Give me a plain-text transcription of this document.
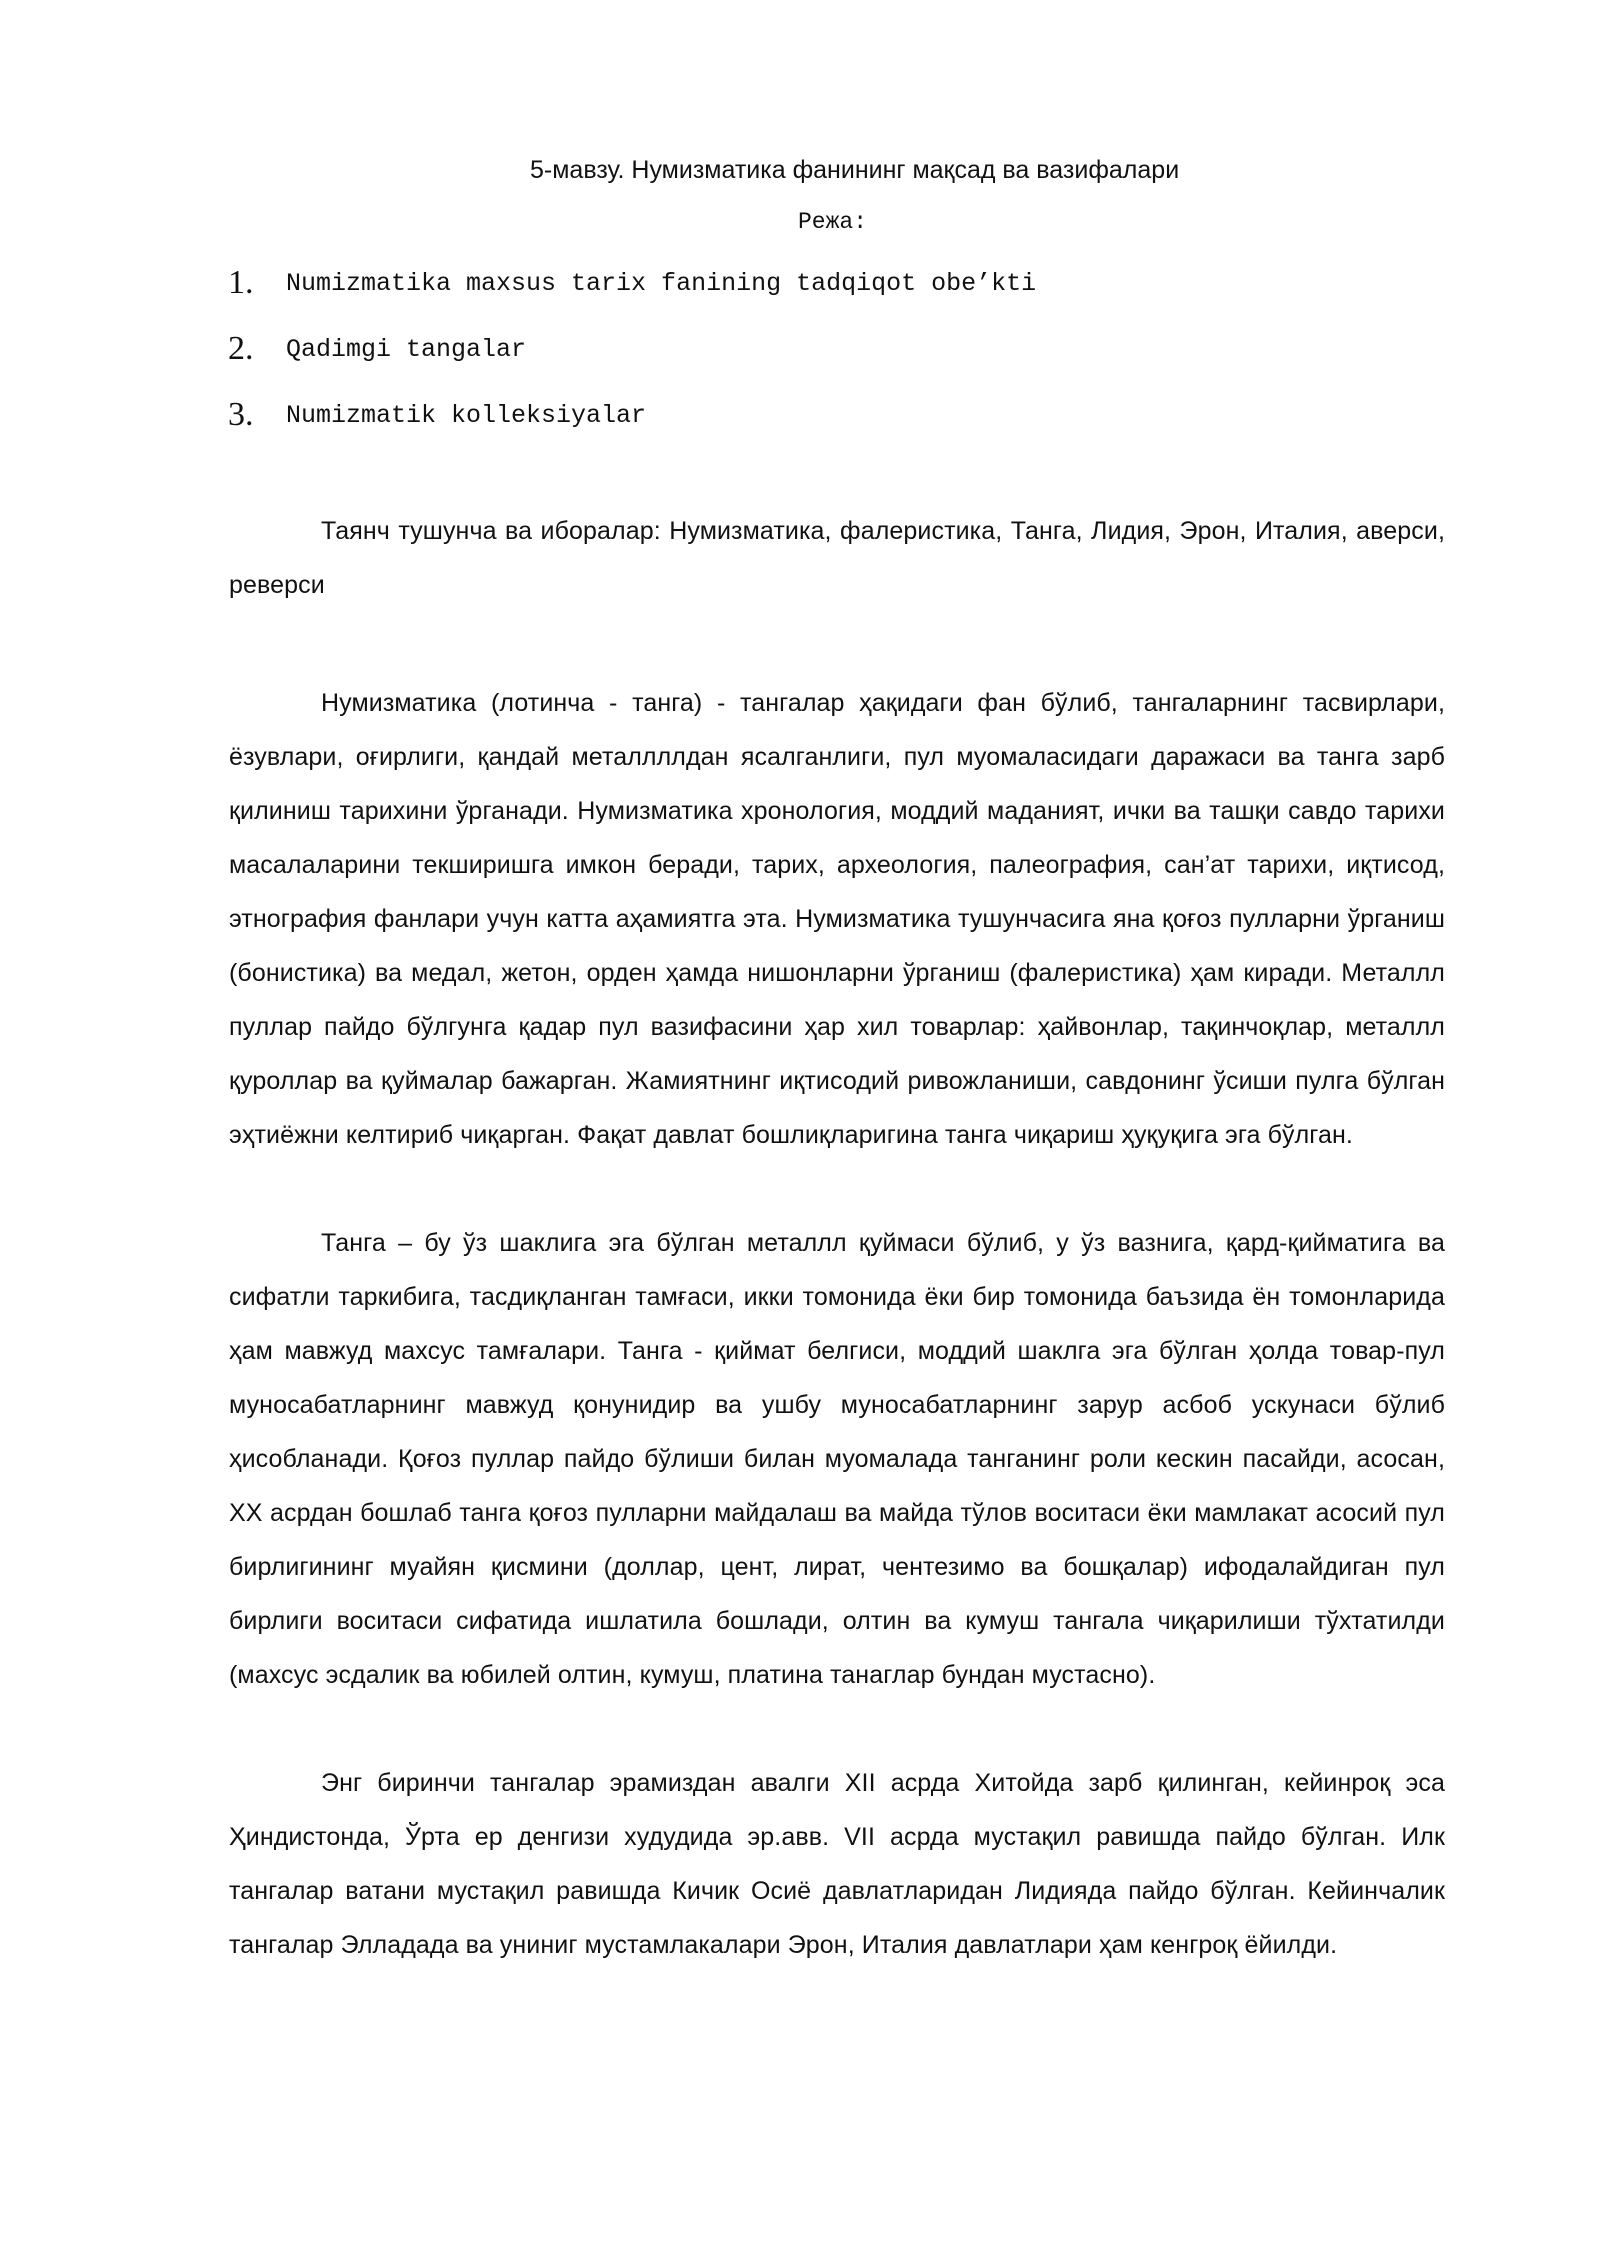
5-мавзу. Нумизматика фанининг мақсад ва вазифалари
Режа:
1.	Numizmatika maxsus tarix fanining tadqiqot obe’kti
2.	Qadimgi tangalar
3.	Numizmatik kolleksiyalar

Таянч тушунча ва иборалар: Нумизматика, фалеристика, Танга, Лидия, Эрон, Италия, аверси, реверси

Нумизматика (лотинча - танга) - тангалар ҳақидаги фан бўлиб, тангаларнинг тасвирлари, ёзувлари, оғирлиги, қандай металлллдан ясалганлиги, пул муомаласидаги даражаси ва танга зарб қилиниш тарихини ўрганади. Нумизматика хронология, моддий маданият, ички ва ташқи савдо тарихи масалаларини текширишга имкон беради, тарих, археология, палеография, сан’ат тарихи, иқтисод, этнография фанлари учун катта аҳамиятга эта. Нумизматика тушунчасига яна қоғоз пулларни ўрганиш (бонистика) ва медал, жетон, орден ҳамда нишонларни ўрганиш (фалеристика) ҳам киради. Металлл пуллар пайдо бўлгунга қадар пул вазифасини ҳар хил товарлар: ҳайвонлар, тақинчоқлар, металлл қуроллар ва қуймалар бажарган. Жамиятнинг иқтисодий ривожланиши, савдонинг ўсиши пулга бўлган эҳтиёжни келтириб чиқарган. Фақат давлат бошлиқларигина танга чиқариш ҳуқуқига эга бўлган.

Танга – бу ўз шаклига эга бўлган металлл қуймаси бўлиб, у ўз вазнига, қард-қийматига ва сифатли таркибига, тасдиқланган тамғаси, икки томонида ёки бир томонида баъзида ён томонларида ҳам мавжуд махсус тамғалари. Танга - қиймат белгиси, моддий шаклга эга бўлган ҳолда товар-пул муносабатларнинг мавжуд қонунидир ва ушбу муносабатларнинг зарур асбоб ускунаси бўлиб ҳисобланади. Қоғоз пуллар пайдо бўлиши билан муомалада танганинг роли кескин пасайди, асосан, XX асрдан бошлаб танга қоғоз пулларни майдалаш ва майда тўлов воситаси ёки мамлакат асосий пул бирлигининг муайян қисмини (доллар, цент, лират, чентезимо ва бошқалар) ифодалайдиган пул бирлиги воситаси сифатида ишлатила бошлади, олтин ва кумуш тангала чиқарилиши тўхтатилди (махсус эсдалик ва юбилей олтин, кумуш, платина танаглар бундан мустасно).

Энг биринчи тангалар эрамиздан авалги XII асрда Хитойда зарб қилинган, кейинроқ эса Ҳиндистонда, Ўрта ер денгизи худудида эр.авв. VII асрда мустақил равишда пайдо бўлган. Илк тангалар ватани мустақил равишда Кичик Осиё давлатларидан Лидияда пайдо бўлган. Кейинчалик тангалар Элладада ва униниг мустамлакалари Эрон, Италия давлатлари ҳам кенгроқ ёйилди.
